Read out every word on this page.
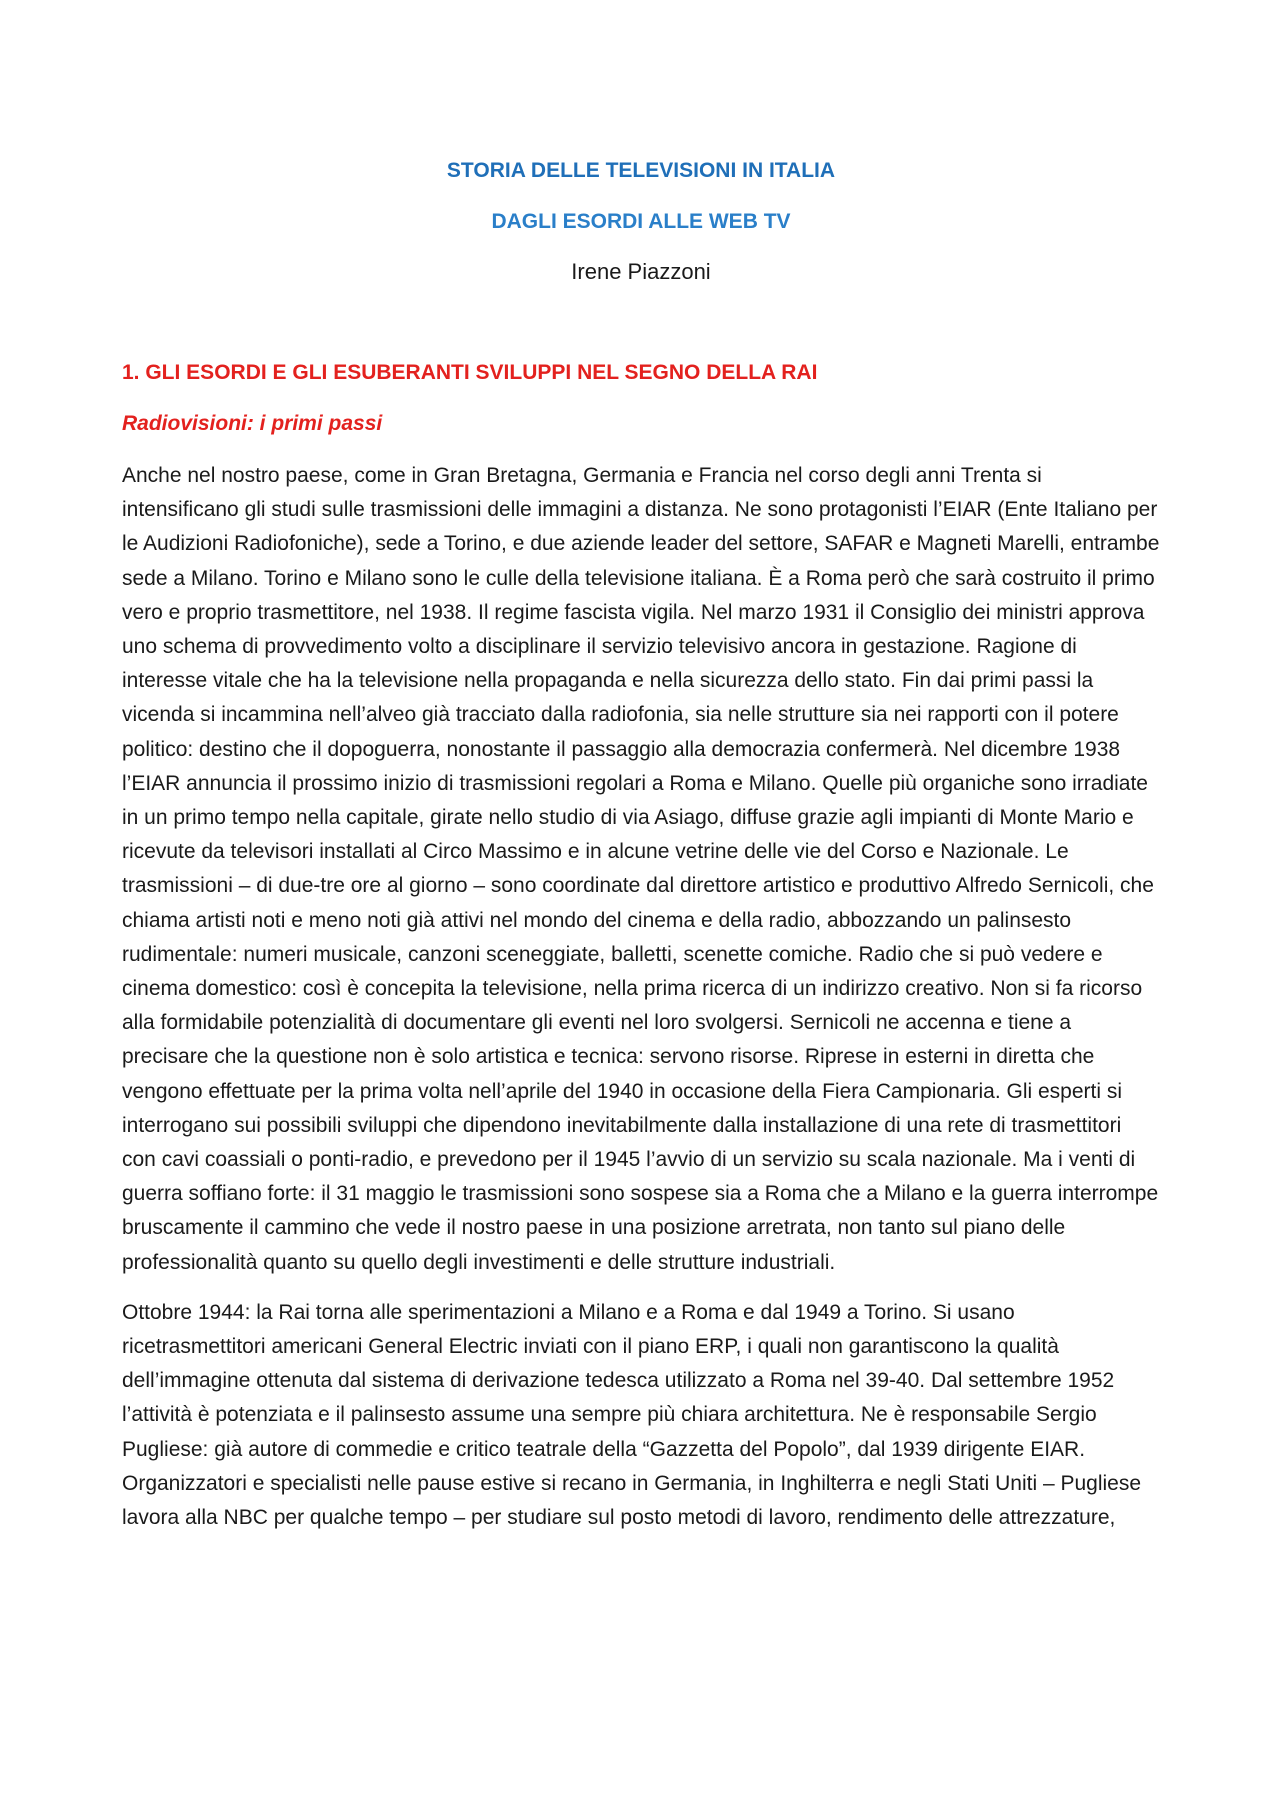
STORIA DELLE TELEVISIONI IN ITALIA
DAGLI ESORDI ALLE WEB TV
Irene Piazzoni
1. GLI ESORDI E GLI ESUBERANTI SVILUPPI NEL SEGNO DELLA RAI
Radiovisioni: i primi passi

Anche nel nostro paese, come in Gran Bretagna, Germania e Francia nel corso degli anni Trenta si intensificano gli studi sulle trasmissioni delle immagini a distanza. Ne sono protagonisti l’EIAR (Ente Italiano per le Audizioni Radiofoniche), sede a Torino, e due aziende leader del settore, SAFAR e Magneti Marelli, entrambe sede a Milano. Torino e Milano sono le culle della televisione italiana. È a Roma però che sarà costruito il primo vero e proprio trasmettitore, nel 1938. Il regime fascista vigila. Nel marzo 1931 il Consiglio dei ministri approva uno schema di provvedimento volto a disciplinare il servizio televisivo ancora in gestazione. Ragione di interesse vitale che ha la televisione nella propaganda e nella sicurezza dello stato. Fin dai primi passi la vicenda si incammina nell’alveo già tracciato dalla radiofonia, sia nelle strutture sia nei rapporti con il potere politico: destino che il dopoguerra, nonostante il passaggio alla democrazia confermerà. Nel dicembre 1938 l’EIAR annuncia il prossimo inizio di trasmissioni regolari a Roma e Milano. Quelle più organiche sono irradiate in un primo tempo nella capitale, girate nello studio di via Asiago, diffuse grazie agli impianti di Monte Mario e ricevute da televisori installati al Circo Massimo e in alcune vetrine delle vie del Corso e Nazionale. Le trasmissioni – di due-tre ore al giorno – sono coordinate dal direttore artistico e produttivo Alfredo Sernicoli, che chiama artisti noti e meno noti già attivi nel mondo del cinema e della radio, abbozzando un palinsesto rudimentale: numeri musicale, canzoni sceneggiate, balletti, scenette comiche. Radio che si può vedere e cinema domestico: così è concepita la televisione, nella prima ricerca di un indirizzo creativo. Non si fa ricorso alla formidabile potenzialità di documentare gli eventi nel loro svolgersi. Sernicoli ne accenna e tiene a precisare che la questione non è solo artistica e tecnica: servono risorse. Riprese in esterni in diretta che vengono effettuate per la prima volta nell’aprile del 1940 in occasione della Fiera Campionaria. Gli esperti si interrogano sui possibili sviluppi che dipendono inevitabilmente dalla installazione di una rete di trasmettitori con cavi coassiali o ponti-radio, e prevedono per il 1945 l’avvio di un servizio su scala nazionale. Ma i venti di guerra soffiano forte: il 31 maggio le trasmissioni sono sospese sia a Roma che a Milano e la guerra interrompe bruscamente il cammino che vede il nostro paese in una posizione arretrata, non tanto sul piano delle professionalità quanto su quello degli investimenti e delle strutture industriali.

Ottobre 1944: la Rai torna alle sperimentazioni a Milano e a Roma e dal 1949 a Torino. Si usano ricetrasmettitori americani General Electric inviati con il piano ERP, i quali non garantiscono la qualità dell’immagine ottenuta dal sistema di derivazione tedesca utilizzato a Roma nel 39-40. Dal settembre 1952 l’attività è potenziata e il palinsesto assume una sempre più chiara architettura. Ne è responsabile Sergio Pugliese: già autore di commedie e critico teatrale della “Gazzetta del Popolo”, dal 1939 dirigente EIAR. Organizzatori e specialisti nelle pause estive si recano in Germania, in Inghilterra e negli Stati Uniti – Pugliese lavora alla NBC per qualche tempo – per studiare sul posto metodi di lavoro, rendimento delle attrezzature,
